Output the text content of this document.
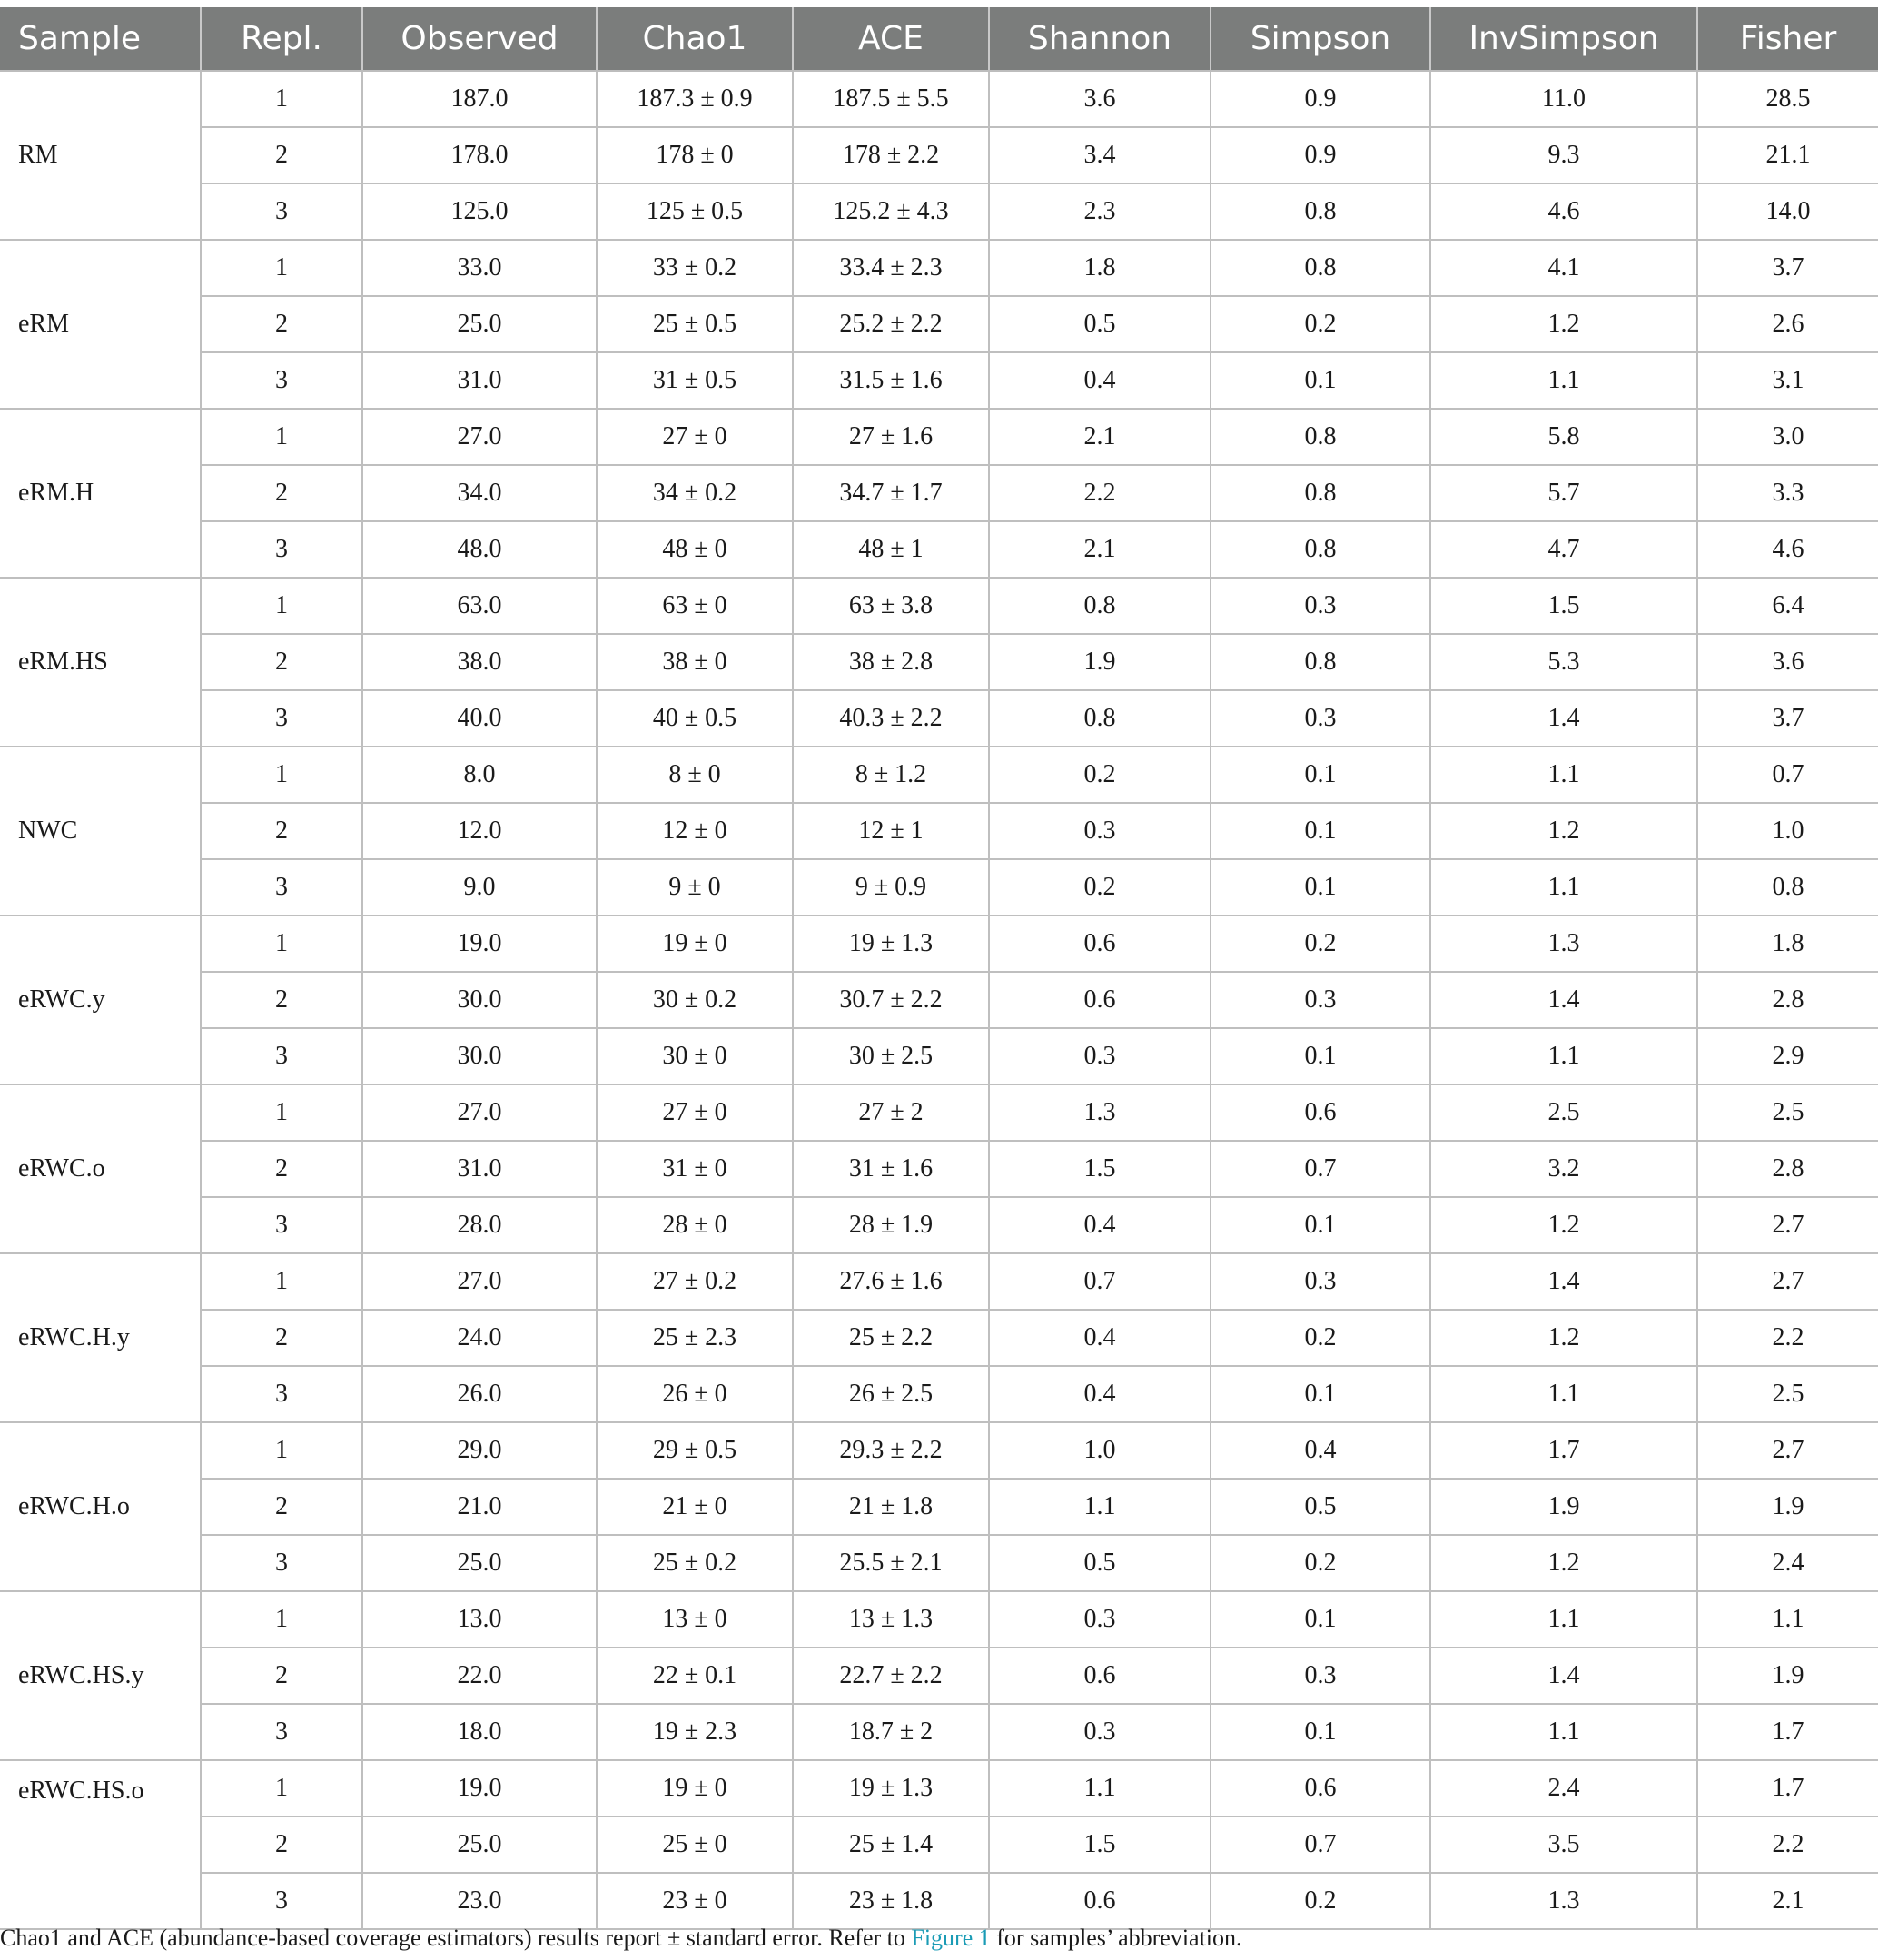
Sample	Repl.	Observed	Chao1	ACE	Shannon	Simpson	InvSimpson	Fisher
RM	1	187.0	187.3 ± 0.9	187.5 ± 5.5	3.6	0.9	11.0	28.5
	2	178.0	178 ± 0	178 ± 2.2	3.4	0.9	9.3	21.1
	3	125.0	125 ± 0.5	125.2 ± 4.3	2.3	0.8	4.6	14.0
eRM	1	33.0	33 ± 0.2	33.4 ± 2.3	1.8	0.8	4.1	3.7
	2	25.0	25 ± 0.5	25.2 ± 2.2	0.5	0.2	1.2	2.6
	3	31.0	31 ± 0.5	31.5 ± 1.6	0.4	0.1	1.1	3.1
eRM.H	1	27.0	27 ± 0	27 ± 1.6	2.1	0.8	5.8	3.0
	2	34.0	34 ± 0.2	34.7 ± 1.7	2.2	0.8	5.7	3.3
	3	48.0	48 ± 0	48 ± 1	2.1	0.8	4.7	4.6
eRM.HS	1	63.0	63 ± 0	63 ± 3.8	0.8	0.3	1.5	6.4
	2	38.0	38 ± 0	38 ± 2.8	1.9	0.8	5.3	3.6
	3	40.0	40 ± 0.5	40.3 ± 2.2	0.8	0.3	1.4	3.7
NWC	1	8.0	8 ± 0	8 ± 1.2	0.2	0.1	1.1	0.7
	2	12.0	12 ± 0	12 ± 1	0.3	0.1	1.2	1.0
	3	9.0	9 ± 0	9 ± 0.9	0.2	0.1	1.1	0.8
eRWC.y	1	19.0	19 ± 0	19 ± 1.3	0.6	0.2	1.3	1.8
	2	30.0	30 ± 0.2	30.7 ± 2.2	0.6	0.3	1.4	2.8
	3	30.0	30 ± 0	30 ± 2.5	0.3	0.1	1.1	2.9
eRWC.o	1	27.0	27 ± 0	27 ± 2	1.3	0.6	2.5	2.5
	2	31.0	31 ± 0	31 ± 1.6	1.5	0.7	3.2	2.8
	3	28.0	28 ± 0	28 ± 1.9	0.4	0.1	1.2	2.7
eRWC.H.y	1	27.0	27 ± 0.2	27.6 ± 1.6	0.7	0.3	1.4	2.7
	2	24.0	25 ± 2.3	25 ± 2.2	0.4	0.2	1.2	2.2
	3	26.0	26 ± 0	26 ± 2.5	0.4	0.1	1.1	2.5
eRWC.H.o	1	29.0	29 ± 0.5	29.3 ± 2.2	1.0	0.4	1.7	2.7
	2	21.0	21 ± 0	21 ± 1.8	1.1	0.5	1.9	1.9
	3	25.0	25 ± 0.2	25.5 ± 2.1	0.5	0.2	1.2	2.4
eRWC.HS.y	1	13.0	13 ± 0	13 ± 1.3	0.3	0.1	1.1	1.1
	2	22.0	22 ± 0.1	22.7 ± 2.2	0.6	0.3	1.4	1.9
	3	18.0	19 ± 2.3	18.7 ± 2	0.3	0.1	1.1	1.7
eRWC.HS.o	1	19.0	19 ± 0	19 ± 1.3	1.1	0.6	2.4	1.7
	2	25.0	25 ± 0	25 ± 1.4	1.5	0.7	3.5	2.2
	3	23.0	23 ± 0	23 ± 1.8	0.6	0.2	1.3	2.1
Chao1 and ACE (abundance-based coverage estimators) results report ± standard error. Refer to Figure 1 for samples’ abbreviation.
